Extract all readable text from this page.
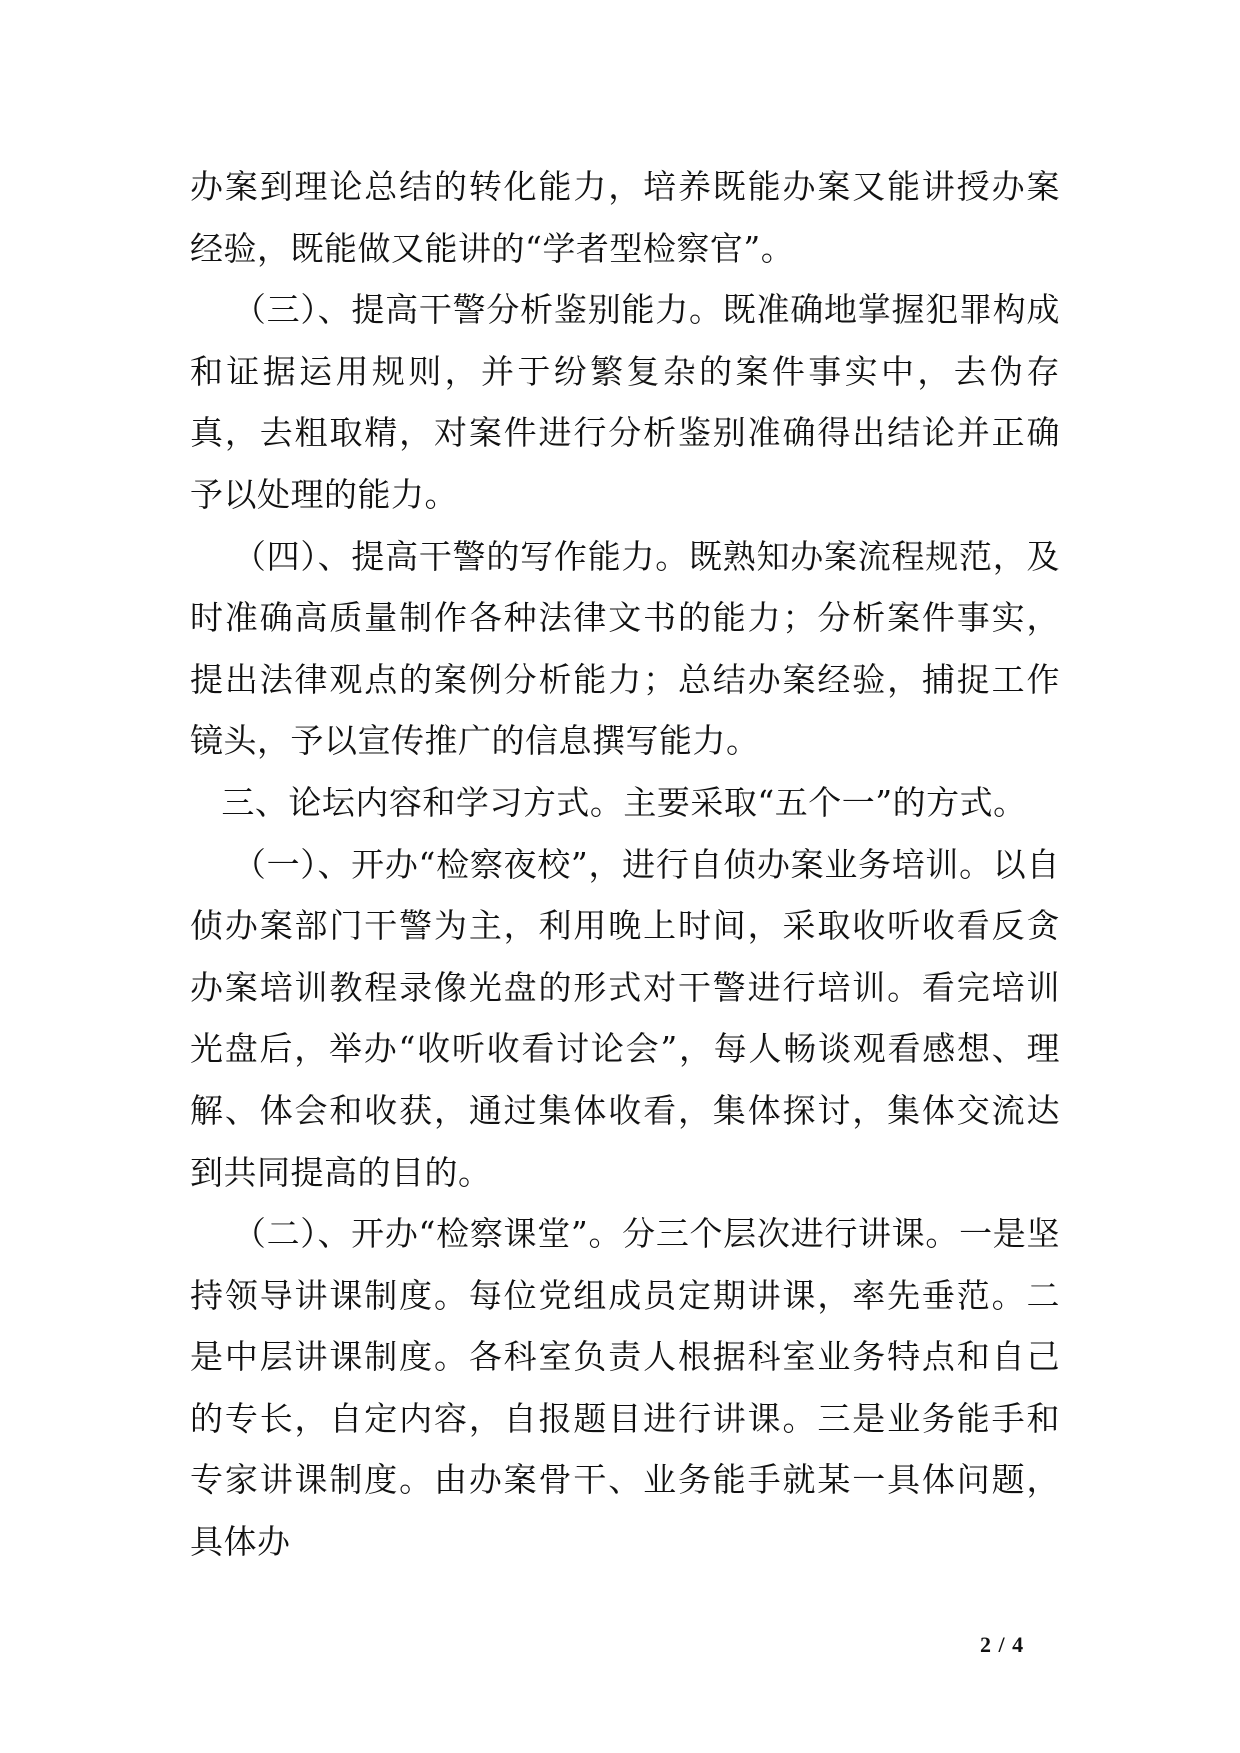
办案到理论总结的转化能力，培养既能办案又能讲授办案经验，既能做又能讲的“学者型检察官”。

（三）、提高干警分析鉴别能力。既准确地掌握犯罪构成和证据运用规则，并于纷繁复杂的案件事实中，去伪存真，去粗取精，对案件进行分析鉴别准确得出结论并正确予以处理的能力。

（四）、提高干警的写作能力。既熟知办案流程规范，及时准确高质量制作各种法律文书的能力；分析案件事实，提出法律观点的案例分析能力；总结办案经验，捕捉工作镜头，予以宣传推广的信息撰写能力。

三、论坛内容和学习方式。主要采取“五个一”的方式。

（一）、开办“检察夜校”，进行自侦办案业务培训。以自侦办案部门干警为主，利用晚上时间，采取收听收看反贪办案培训教程录像光盘的形式对干警进行培训。看完培训光盘后，举办“收听收看讨论会”，每人畅谈观看感想、理解、体会和收获，通过集体收看，集体探讨，集体交流达到共同提高的目的。

（二）、开办“检察课堂”。分三个层次进行讲课。一是坚持领导讲课制度。每位党组成员定期讲课，率先垂范。二是中层讲课制度。各科室负责人根据科室业务特点和自己的专长，自定内容，自报题目进行讲课。三是业务能手和专家讲课制度。由办案骨干、业务能手就某一具体问题，具体办

2 / 4
